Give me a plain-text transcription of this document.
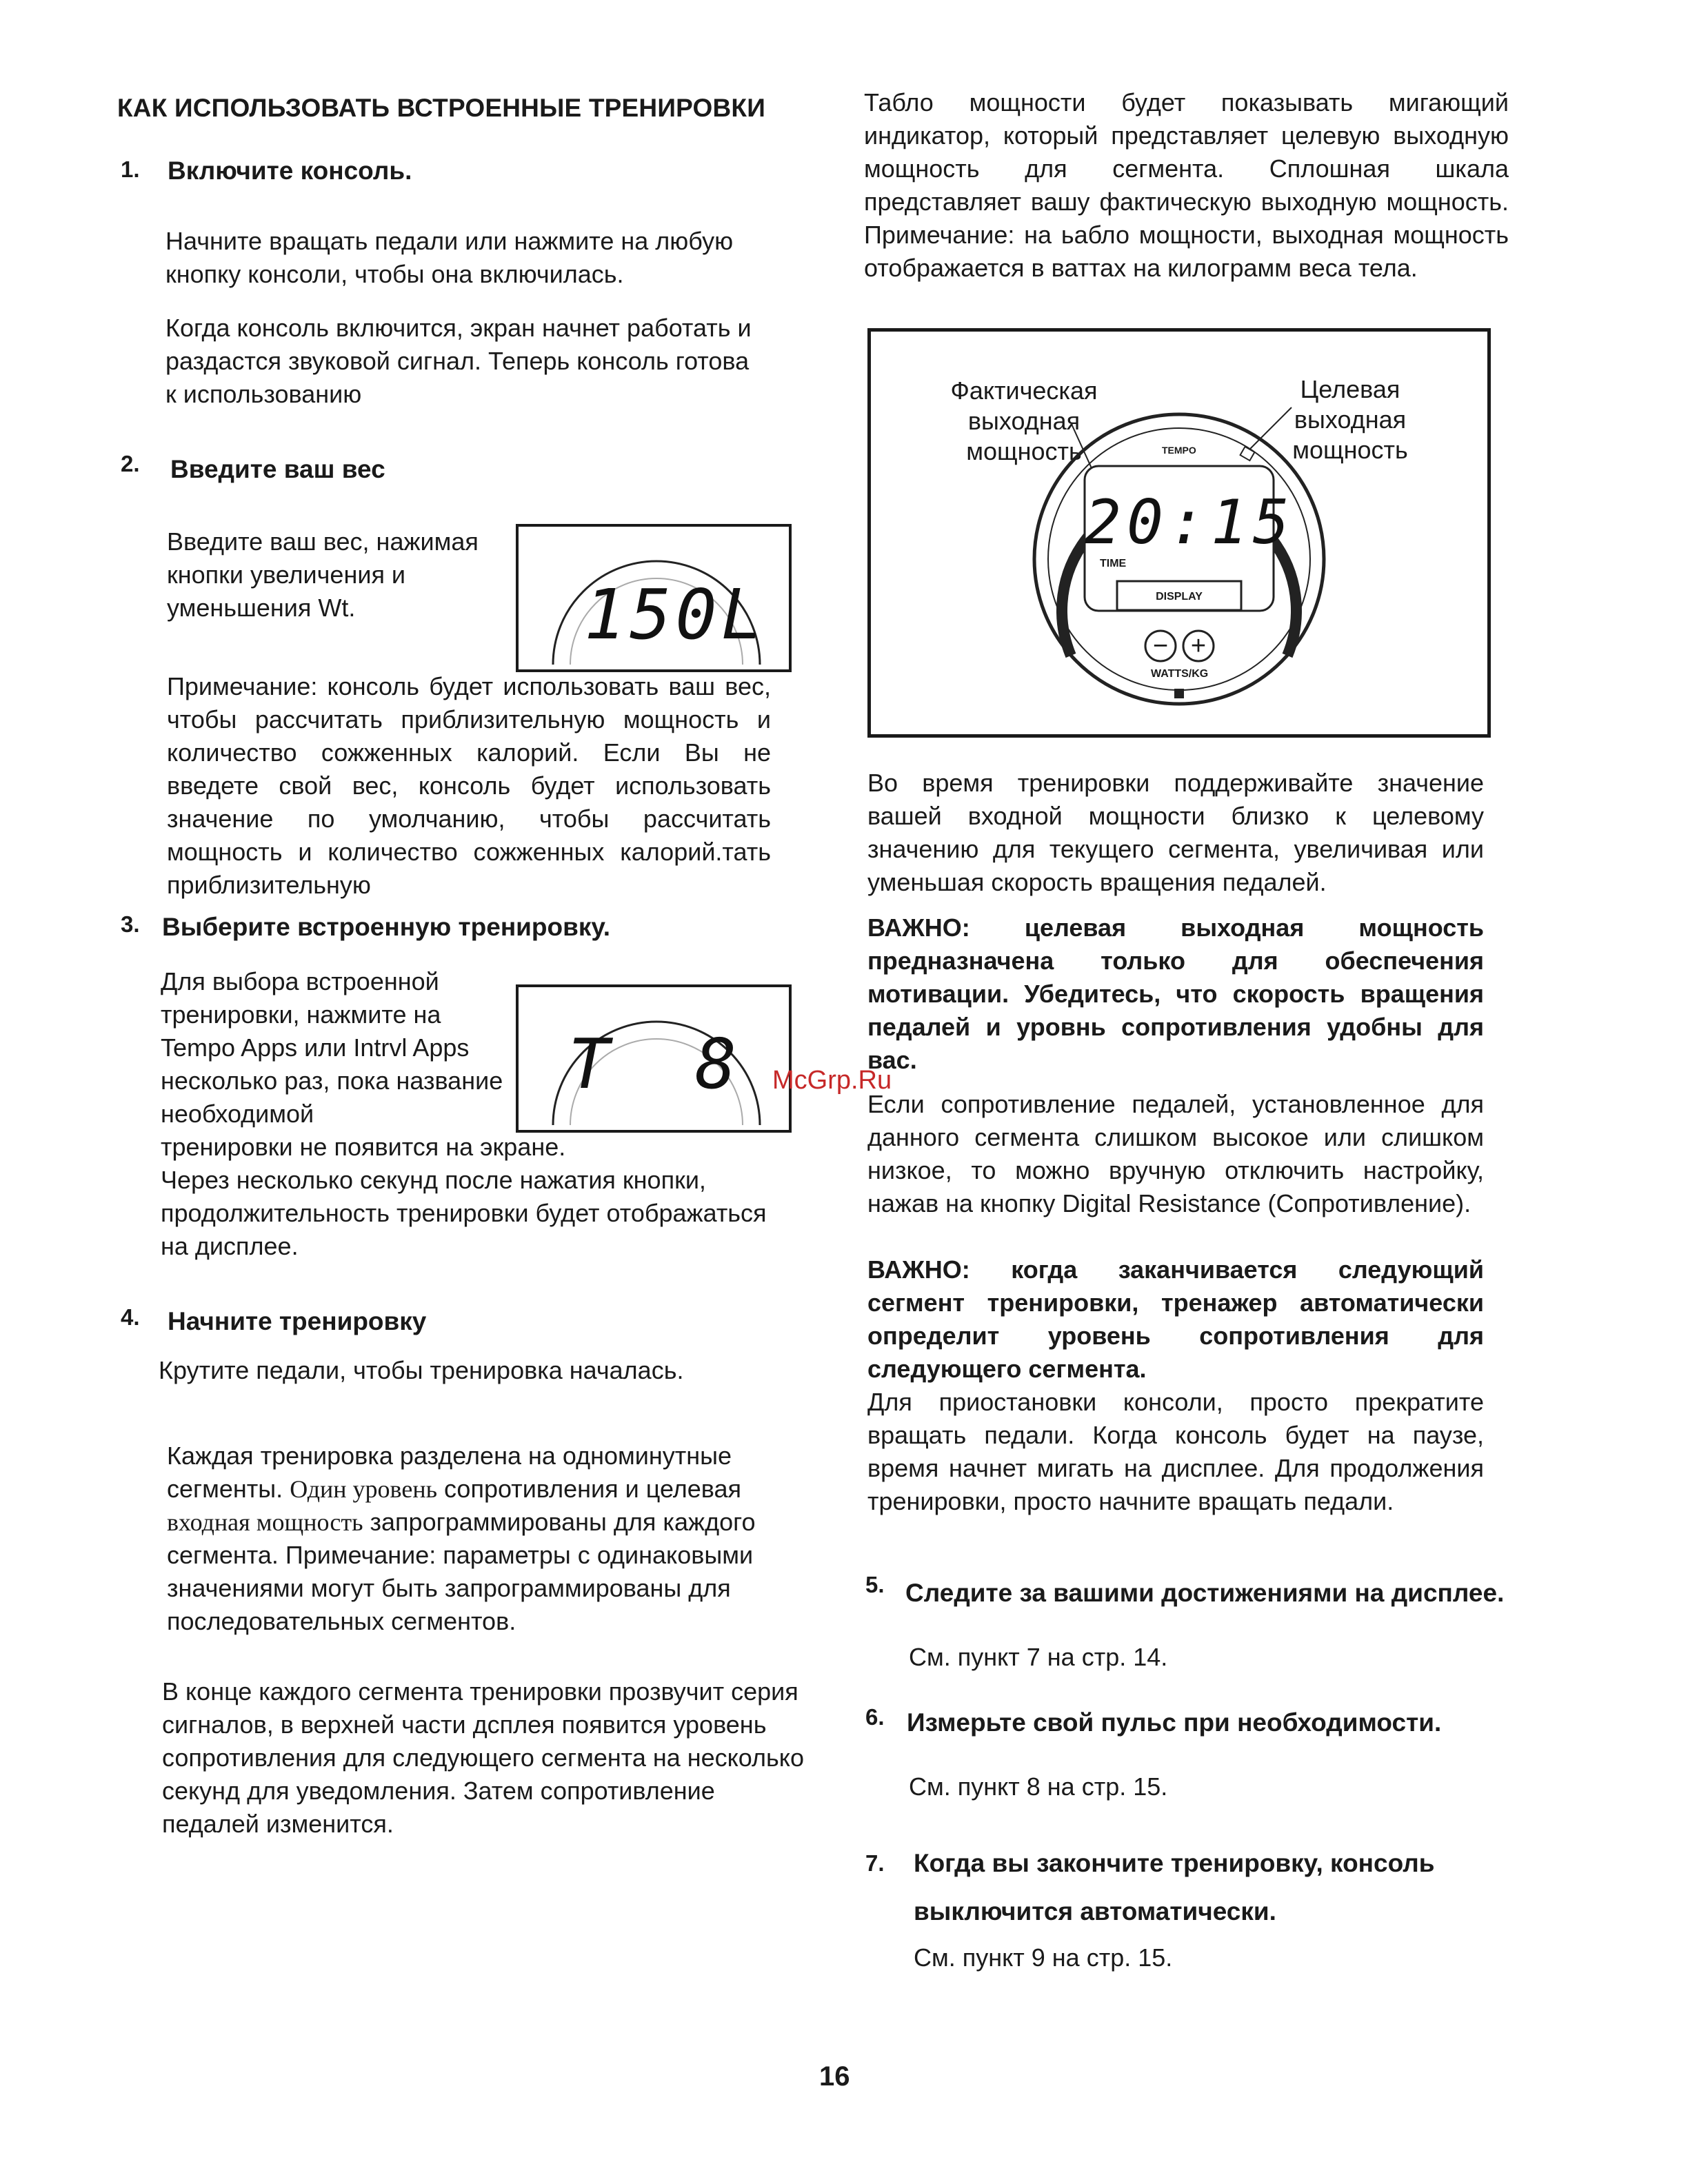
КАК ИСПОЛЬЗОВАТЬ ВСТРОЕННЫЕ ТРЕНИРОВКИ
1. Включите консоль.
Начните вращать педали или нажмите на любую кнопку консоли, чтобы она включилась.
Когда консоль включится, экран начнет работать и раздастся звуковой сигнал. Теперь консоль готова к использованию
2. Введите ваш вес
Введите ваш вес, нажимая кнопки увеличения и уменьшения Wt.	150L
Примечание: консоль будет использовать ваш вес, чтобы рассчитать приблизительную мощность и количество сожженных калорий. Если Вы не введете свой вес, консоль будет использовать значение по умолчанию, чтобы рассчитать мощность и количество сожженных калорий.тать приблизительную
3. Выберите встроенную тренировку.
Для выбора встроенной тренировки, нажмите на Tempo Apps или Intrvl Apps несколько раз, пока название необходимой
тренировки не появится на экране.
Через несколько секунд после нажатия кнопки, продолжительность тренировки будет отображаться на дисплее.
T 8
4. Начните тренировку
Крутите педали, чтобы тренировка началась.
Каждая тренировка разделена на одноминутные сегменты. Один уровень сопротивления и целевая входная мощность запрограммированы для каждого сегмента. Примечание: параметры с одинаковыми значениями могут быть запрограммированы для последовательных сегментов.
В конце каждого сегмента тренировки прозвучит серия сигналов, в верхней части дсплея появится уровень сопротивления для следующего сегмента на несколько секунд для уведомления. Затем сопротивление педалей изменится.
Табло мощности будет показывать мигающий индикатор, который представляет целевую выходную мощность для сегмента. Сплошная шкала представляет вашу фактическую выходную мощность. Примечание: на ьабло мощности, выходная мощность отображается в ваттах на килограмм веса тела.
Фактическая выходная
мощность
Целевая
выходная
мощность
20:15
TIME
DISPLAY
TEMPO
WATTS/KG
− +
Во время тренировки поддерживайте значение вашей входной мощности близко к целевому значению для текущего сегмента, увеличивая или уменьшая скорость вращения педалей.
ВАЖНО: целевая выходная мощность предназначена только для обеспечения мотивации. Убедитесь, что скорость вращения педалей и уровнь сопротивления удобны для вас.
Если сопротивление педалей, установленное для данного сегмента слишком высокое или слишком низкое, то можно вручную отключить настройку, нажав на кнопку Digital Resistance (Сопротивление).
ВАЖНО: когда заканчивается следующий сегмент тренировки, тренажер автоматически определит уровень сопротивления для следующего сегмента.
Для приостановки консоли, просто прекратите вращать педали. Когда консоль будет на паузе, время начнет мигать на дисплее. Для продолжения тренировки, просто начните вращать педали.
McGrp.Ru
5. Следите за вашими достижениями на дисплее.
См. пункт 7 на стр. 14.
6. Измерьте свой пульс при необходимости.
См. пункт 8 на стр. 15.
7. Когда вы закончите тренировку, консоль
выключится автоматически.
См. пункт 9 на стр. 15.
16
